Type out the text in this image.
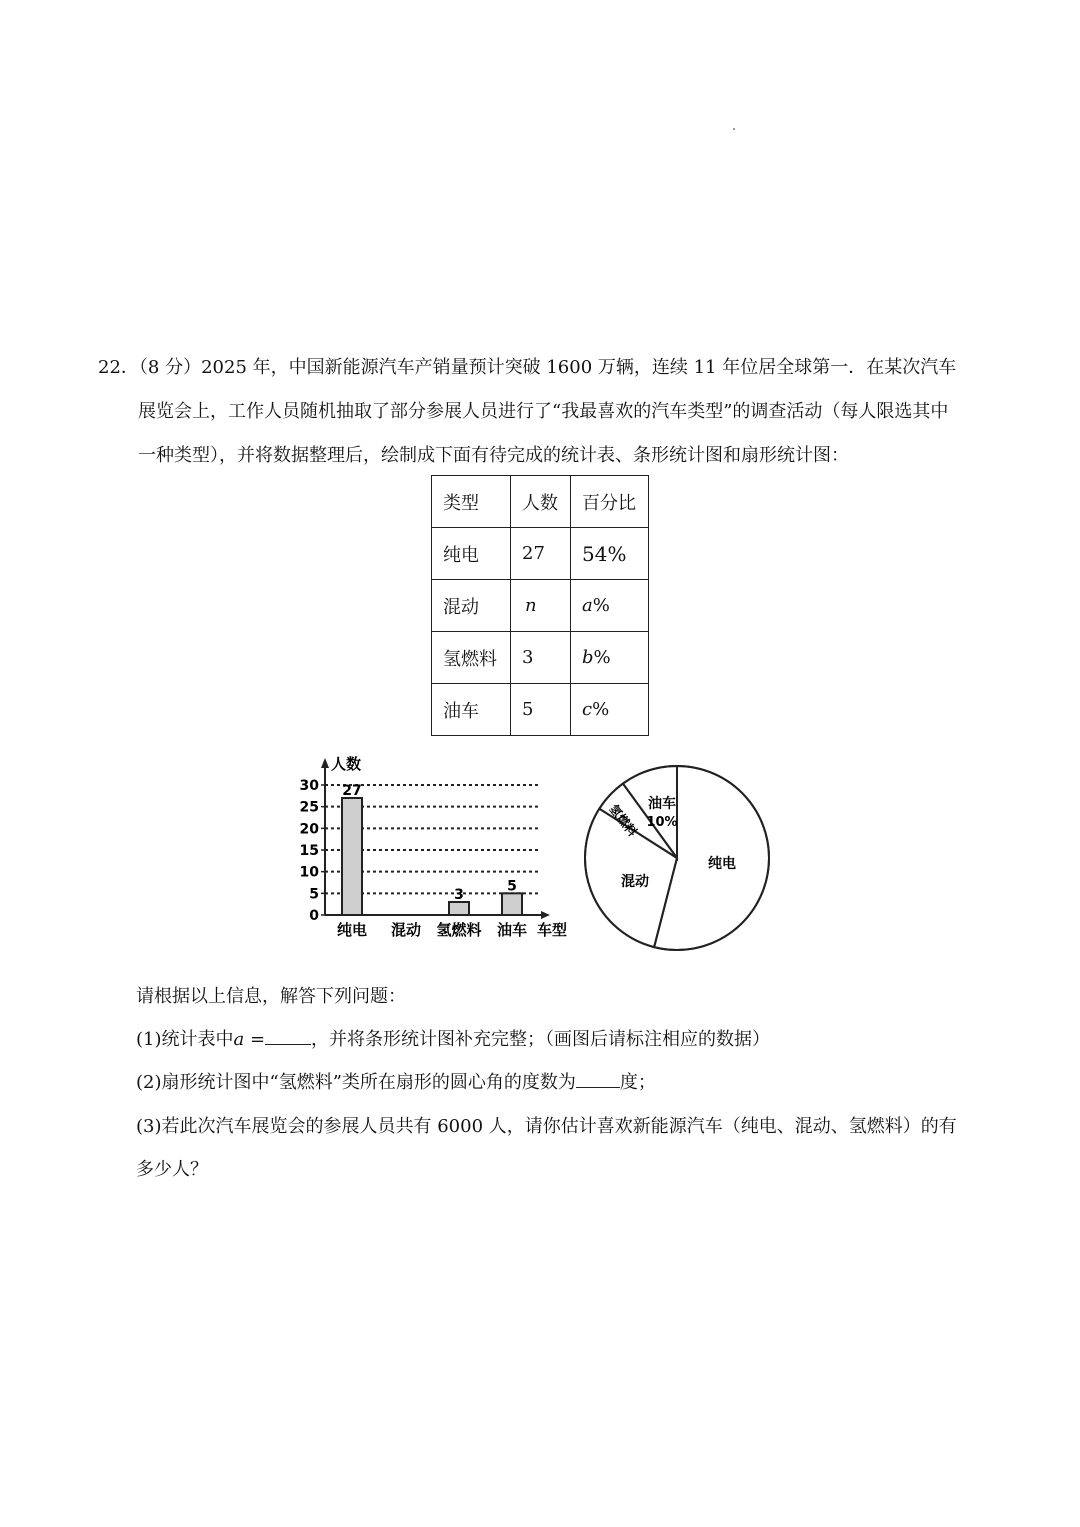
22．（8 分）2025 年，中国新能源汽车产销量预计突破 1600 万辆，连续 11 年位居全球第一．在某次汽车
展览会上，工作人员随机抽取了部分参展人员进行了“我最喜欢的汽车类型”的调查活动（每人限选其中
一种类型），并将数据整理后，绘制成下面有待完成的统计表、条形统计图和扇形统计图：
类型	人数	百分比
纯电	27	54%
混动	n	a%
氢燃料	3	b%
油车	5	c%
0
5
10
15
20
25
30
人数
车型
27
纯电 混动
3
氢燃料
5
油车
纯电
混动
氢燃料 油车
10%
请根据以上信息，解答下列问题：
(1)统计表中a =	，并将条形统计图补充完整；（画图后请标注相应的数据）
(2)扇形统计图中“氢燃料”类所在扇形的圆心角的度数为 度；
(3)若此次汽车展览会的参展人员共有 6000 人，请你估计喜欢新能源汽车（纯电、混动、氢燃料）的有
多少人？
